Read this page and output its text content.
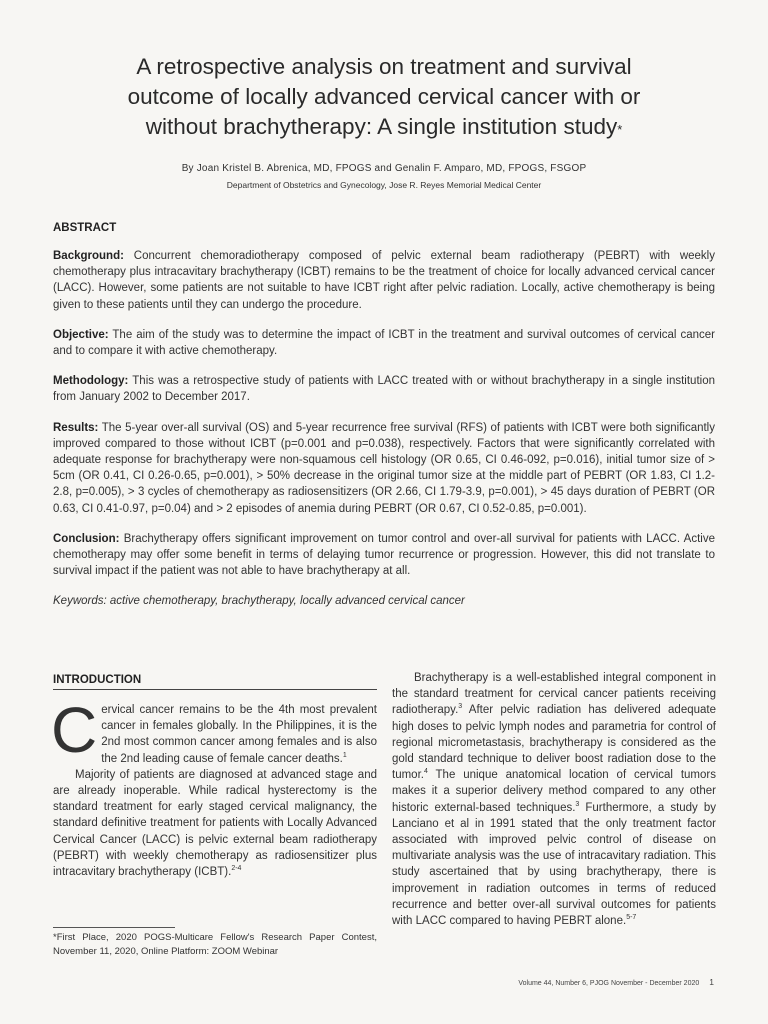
A retrospective analysis on treatment and survival
outcome of locally advanced cervical cancer with or
without brachytherapy: A single institution study*
By Joan Kristel B. Abrenica, MD, FPOGS and Genalin F. Amparo, MD, FPOGS, FSGOP
Department of Obstetrics and Gynecology, Jose R. Reyes Memorial Medical Center

ABSTRACT

Background: Concurrent chemoradiotherapy composed of pelvic external beam radiotherapy (PEBRT) with weekly chemotherapy plus intracavitary brachytherapy (ICBT) remains to be the treatment of choice for locally advanced cervical cancer (LACC). However, some patients are not suitable to have ICBT right after pelvic radiation. Locally, active chemotherapy is being given to these patients until they can undergo the procedure.

Objective: The aim of the study was to determine the impact of ICBT in the treatment and survival outcomes of cervical cancer and to compare it with active chemotherapy.

Methodology: This was a retrospective study of patients with LACC treated with or without brachytherapy in a single institution from January 2002 to December 2017.

Results: The 5-year over-all survival (OS) and 5-year recurrence free survival (RFS) of patients with ICBT were both significantly improved compared to those without ICBT (p=0.001 and p=0.038), respectively. Factors that were significantly correlated with adequate response for brachytherapy were non-squamous cell histology (OR 0.65, CI 0.46-092, p=0.016), initial tumor size of > 5cm (OR 0.41, CI 0.26-0.65, p=0.001), > 50% decrease in the original tumor size at the middle part of PEBRT (OR 1.83, CI 1.2-2.8, p=0.005), > 3 cycles of chemotherapy as radiosensitizers (OR 2.66, CI 1.79-3.9, p=0.001), > 45 days duration of PEBRT (OR 0.63, CI 0.41-0.97, p=0.04) and > 2 episodes of anemia during PEBRT (OR 0.67, CI 0.52-0.85, p=0.001).

Conclusion: Brachytherapy offers significant improvement on tumor control and over-all survival for patients with LACC. Active chemotherapy may offer some benefit in terms of delaying tumor recurrence or progression. However, this did not translate to survival impact if the patient was not able to have brachytherapy at all.

Keywords: active chemotherapy, brachytherapy, locally advanced cervical cancer

INTRODUCTION

Cervical cancer remains to be the 4th most prevalent cancer in females globally. In the Philippines, it is the 2nd most common cancer among females and is also the 2nd leading cause of female cancer deaths.$^1$

Majority of patients are diagnosed at advanced stage and are already inoperable. While radical hysterectomy is the standard treatment for early staged cervical malignancy, the standard definitive treatment for patients with Locally Advanced Cervical Cancer (LACC) is pelvic external beam radiotherapy (PEBRT) with weekly chemotherapy as radiosensitizer plus intracavitary brachytherapy (ICBT).$^{2-4}$

Brachytherapy is a well-established integral component in the standard treatment for cervical cancer patients receiving radiotherapy.$^3$ After pelvic radiation has delivered adequate high doses to pelvic lymph nodes and parametria for control of regional micrometastasis, brachytherapy is considered as the gold standard technique to deliver boost radiation dose to the tumor.$^4$ The unique anatomical location of cervical tumors makes it a superior delivery method compared to any other historic external-based techniques.$^3$ Furthermore, a study by Lanciano et al in 1991 stated that the only treatment factor associated with improved pelvic control of disease on multivariate analysis was the use of intracavitary radiation. This study ascertained that by using brachytherapy, there is improvement in radiation outcomes in terms of reduced recurrence and better over-all survival outcomes for patients with LACC compared to having PEBRT alone.$^{5-7}$

*First Place, 2020 POGS-Multicare Fellow's Research Paper Contest, November 11, 2020, Online Platform: ZOOM Webinar

Volume 44, Number 6, PJOG November - December 2020 1
